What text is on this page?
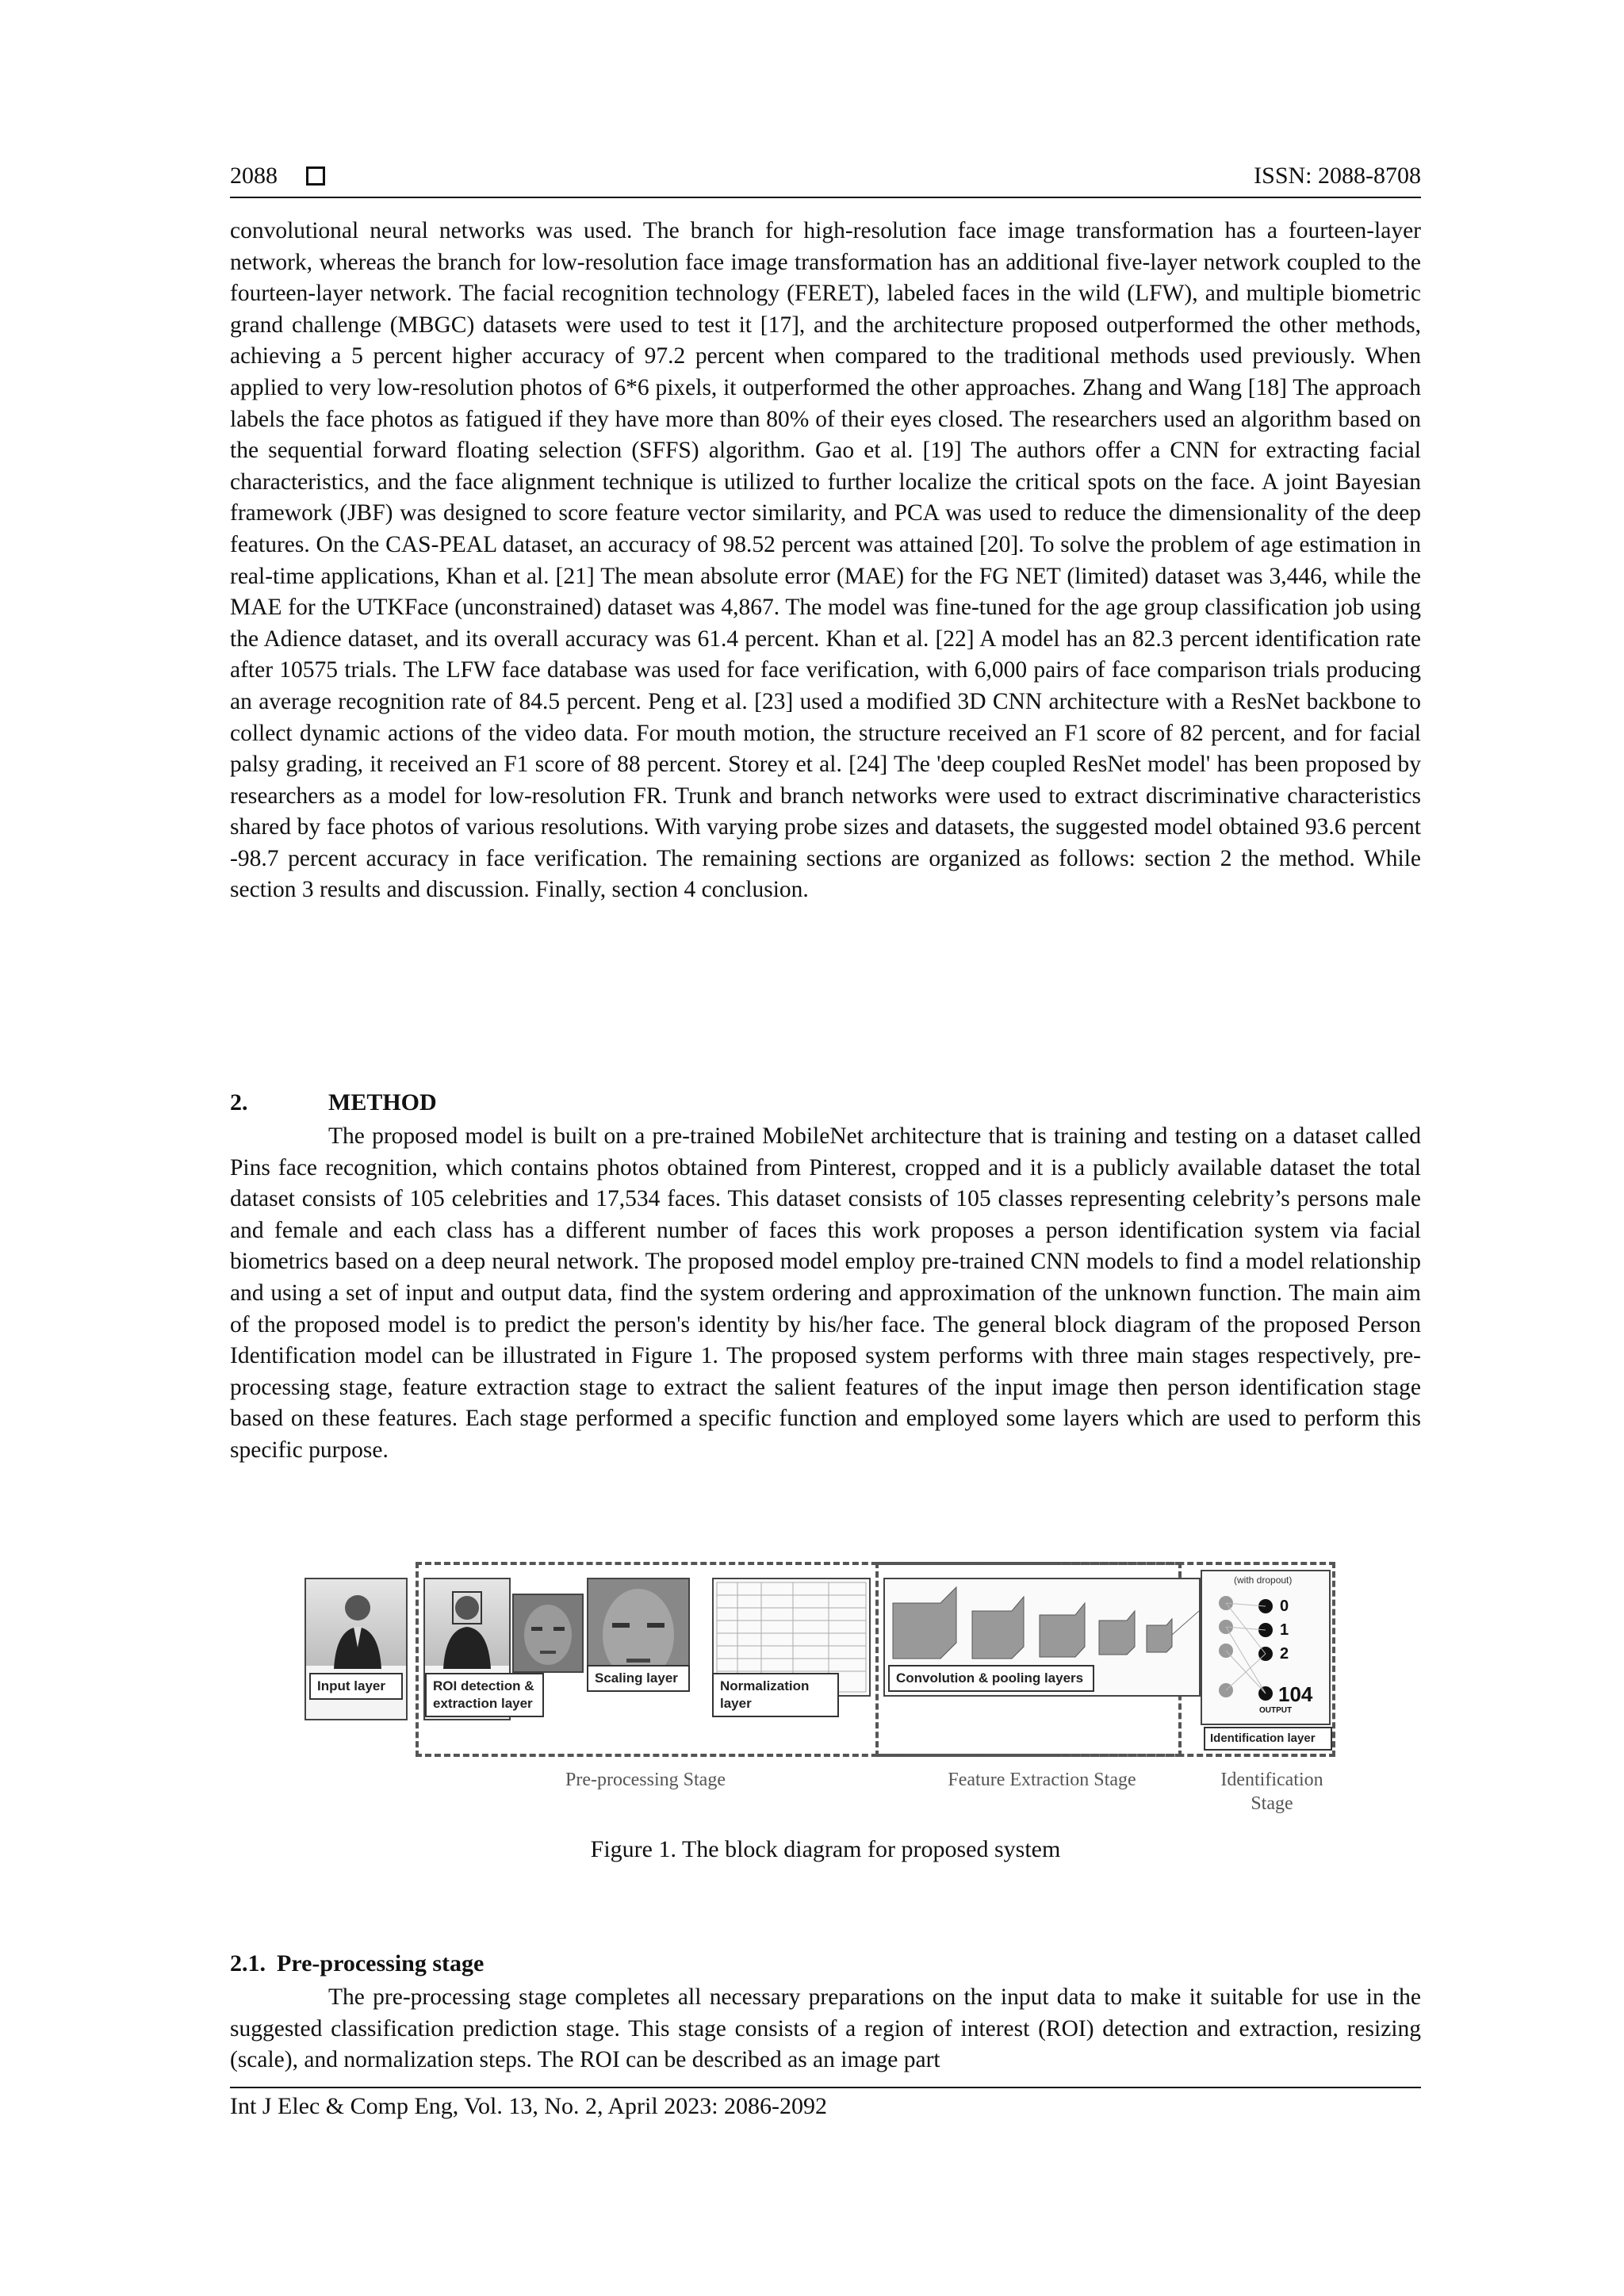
2088	ISSN: 2088-8708

convolutional neural networks was used. The branch for high-resolution face image transformation has a fourteen-layer network, whereas the branch for low-resolution face image transformation has an additional five-layer network coupled to the fourteen-layer network. The facial recognition technology (FERET), labeled faces in the wild (LFW), and multiple biometric grand challenge (MBGC) datasets were used to test it [17], and the architecture proposed outperformed the other methods, achieving a 5 percent higher accuracy of 97.2 percent when compared to the traditional methods used previously. When applied to very low-resolution photos of 6*6 pixels, it outperformed the other approaches. Zhang and Wang [18] The approach labels the face photos as fatigued if they have more than 80% of their eyes closed. The researchers used an algorithm based on the sequential forward floating selection (SFFS) algorithm. Gao et al. [19] The authors offer a CNN for extracting facial characteristics, and the face alignment technique is utilized to further localize the critical spots on the face. A joint Bayesian framework (JBF) was designed to score feature vector similarity, and PCA was used to reduce the dimensionality of the deep features. On the CAS-PEAL dataset, an accuracy of 98.52 percent was attained [20]. To solve the problem of age estimation in real-time applications, Khan et al. [21] The mean absolute error (MAE) for the FG NET (limited) dataset was 3,446, while the MAE for the UTKFace (unconstrained) dataset was 4,867. The model was fine-tuned for the age group classification job using the Adience dataset, and its overall accuracy was 61.4 percent. Khan et al. [22] A model has an 82.3 percent identification rate after 10575 trials. The LFW face database was used for face verification, with 6,000 pairs of face comparison trials producing an average recognition rate of 84.5 percent. Peng et al. [23] used a modified 3D CNN architecture with a ResNet backbone to collect dynamic actions of the video data. For mouth motion, the structure received an F1 score of 82 percent, and for facial palsy grading, it received an F1 score of 88 percent. Storey et al. [24] The 'deep coupled ResNet model' has been proposed by researchers as a model for low-resolution FR. Trunk and branch networks were used to extract discriminative characteristics shared by face photos of various resolutions. With varying probe sizes and datasets, the suggested model obtained 93.6 percent -98.7 percent accuracy in face verification. The remaining sections are organized as follows: section 2 the method. While section 3 results and discussion. Finally, section 4 conclusion.

2.	METHOD

The proposed model is built on a pre-trained MobileNet architecture that is training and testing on a dataset called Pins face recognition, which contains photos obtained from Pinterest, cropped and it is a publicly available dataset the total dataset consists of 105 celebrities and 17,534 faces. This dataset consists of 105 classes representing celebrity’s persons male and female and each class has a different number of faces this work proposes a person identification system via facial biometrics based on a deep neural network. The proposed model employ pre-trained CNN models to find a model relationship and using a set of input and output data, find the system ordering and approximation of the unknown function. The main aim of the proposed model is to predict the person's identity by his/her face. The general block diagram of the proposed Person Identification model can be illustrated in Figure 1. The proposed system performs with three main stages respectively, pre-processing stage, feature extraction stage to extract the salient features of the input image then person identification stage based on these features. Each stage performed a specific function and employed some layers which are used to perform this specific purpose.

Input layer	ROI detection & extraction layer
Scaling layer
Normalization layer
Convolution & pooling layers
(with dropout)
0
1
2
104
OUTPUT
Identification layer
Pre-processing Stage	Feature Extraction Stage	Identification Stage
Figure 1. The block diagram for proposed system
2.1. Pre-processing stage

The pre-processing stage completes all necessary preparations on the input data to make it suitable for use in the suggested classification prediction stage. This stage consists of a region of interest (ROI) detection and extraction, resizing (scale), and normalization steps. The ROI can be described as an image part

Int J Elec & Comp Eng, Vol. 13, No. 2, April 2023: 2086-2092
